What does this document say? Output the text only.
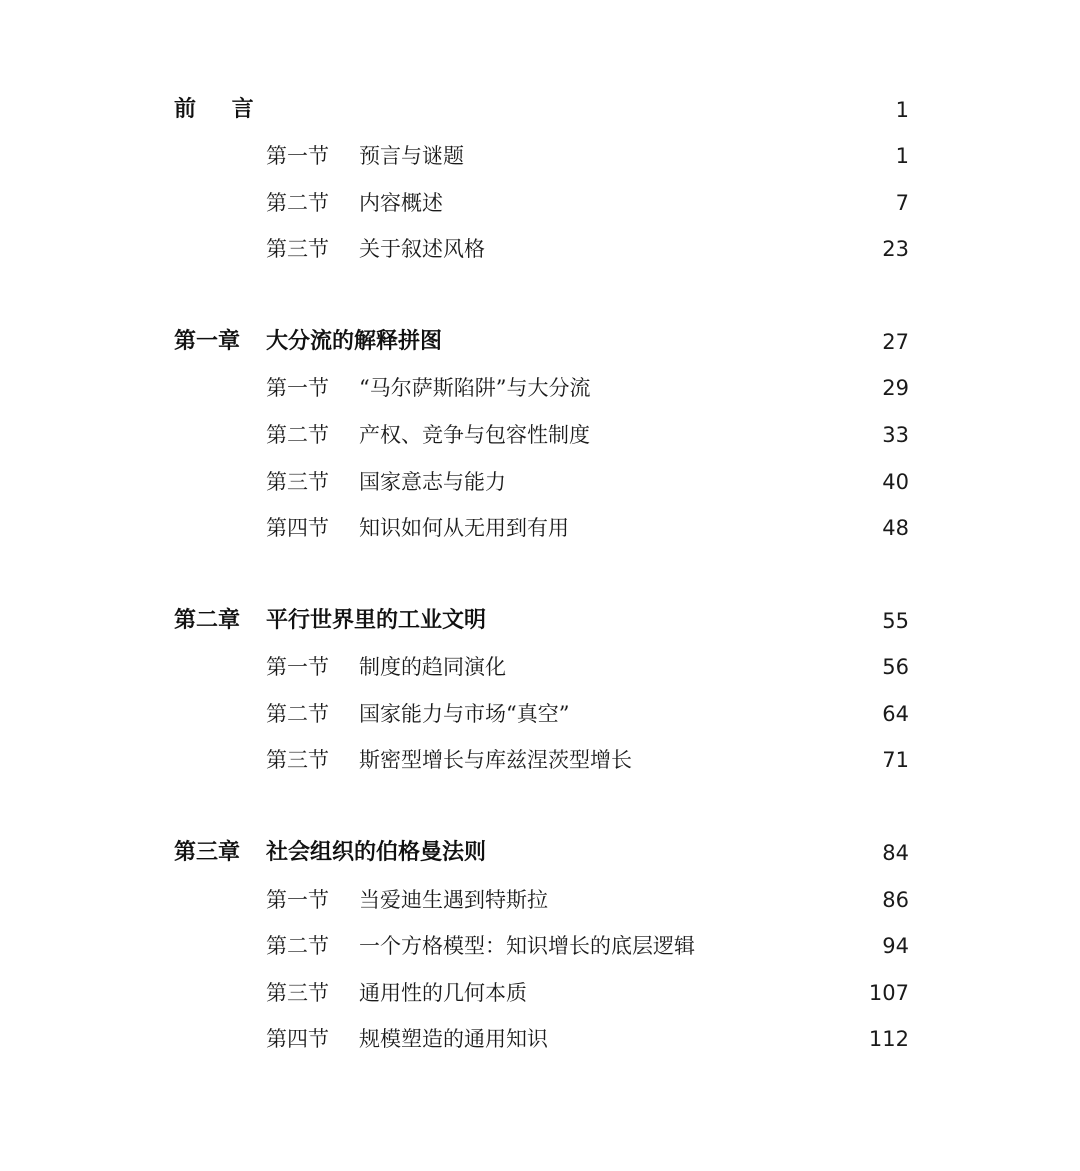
前 言	1
第一节 预言与谜题	1
第二节 内容概述	7
第三节 关于叙述风格	23
第一章 大分流的解释拼图	27
第一节 “马尔萨斯陷阱”与大分流	29
第二节 产权、竞争与包容性制度	33
第三节 国家意志与能力	40
第四节 知识如何从无用到有用	48
第二章 平行世界里的工业文明	55
第一节 制度的趋同演化	56
第二节 国家能力与市场“真空”	64
第三节 斯密型增长与库兹涅茨型增长	71
第三章 社会组织的伯格曼法则	84
第一节 当爱迪生遇到特斯拉	86
第二节 一个方格模型：知识增长的底层逻辑	94
第三节 通用性的几何本质	107
第四节 规模塑造的通用知识	112
